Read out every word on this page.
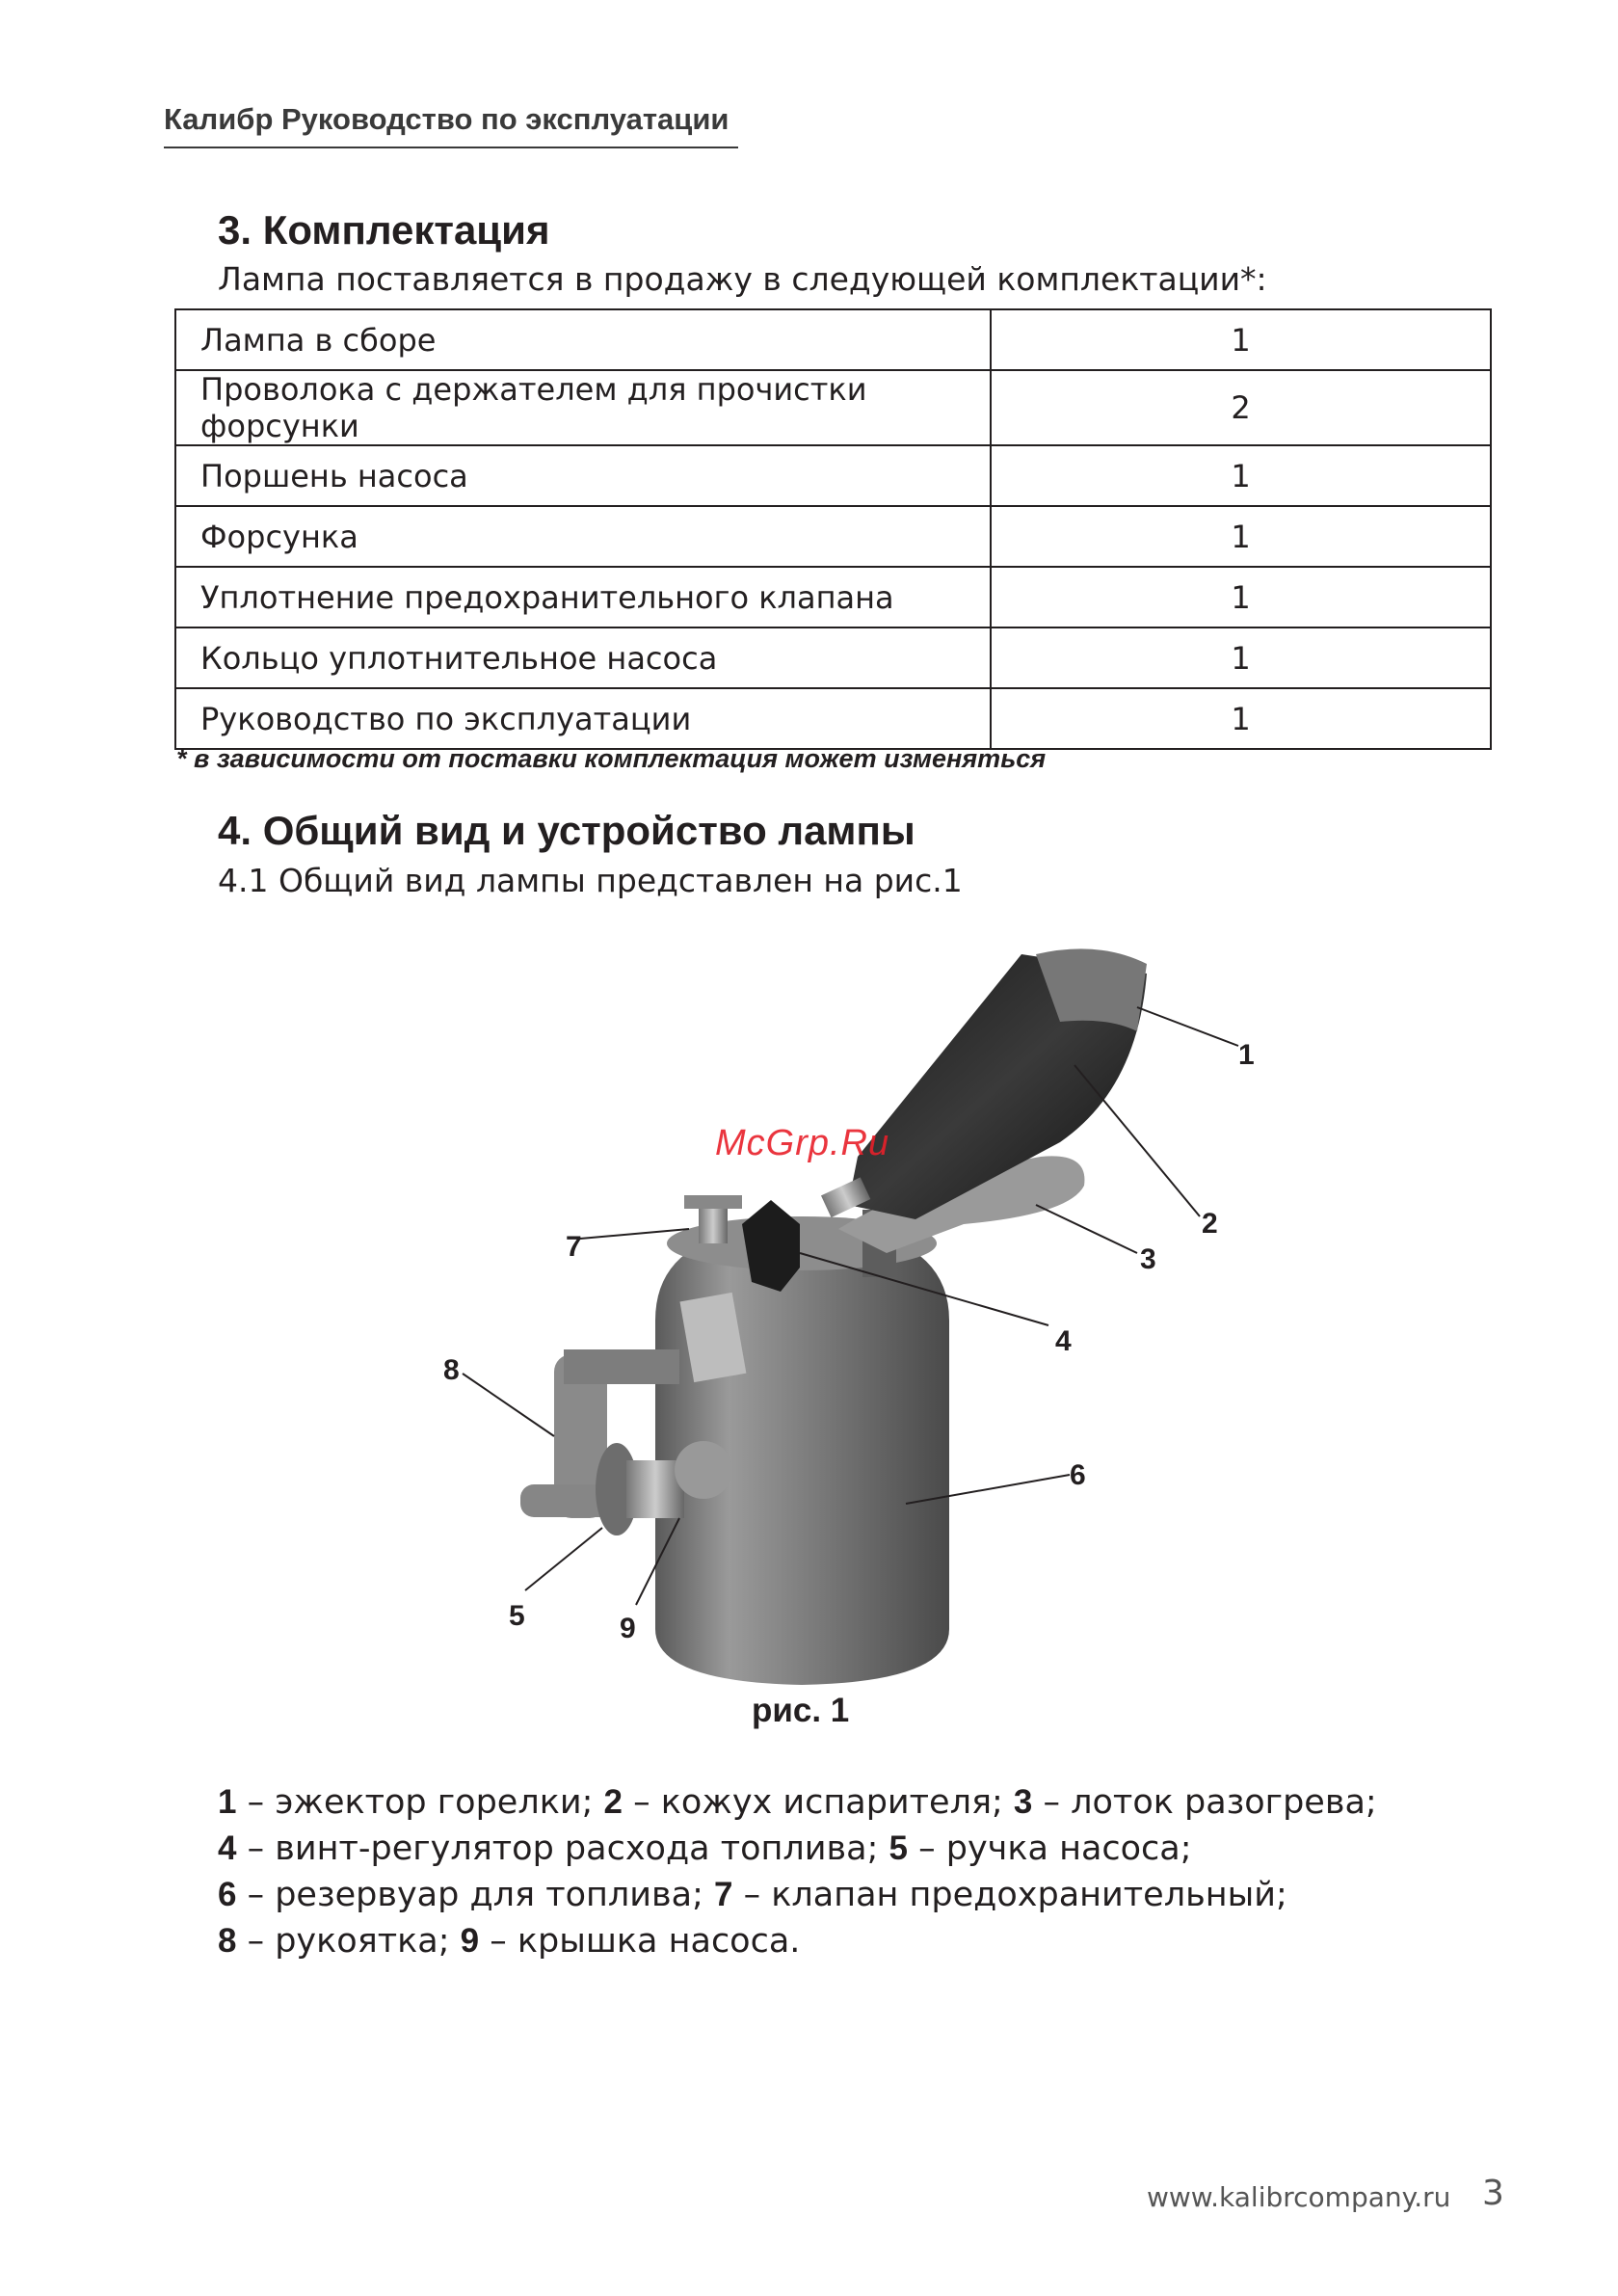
Калибр Руководство по эксплуатации
3. Комплектация
Лампа поставляется в продажу в следующей комплектации*:
Лампа в сборе	1
Проволока с держателем для прочистки форсунки	2
Поршень насоса	1
Форсунка	1
Уплотнение предохранительного клапана	1
Кольцо уплотнительное насоса	1
Руководство по эксплуатации	1
* в зависимости от поставки комплектация может изменяться
4. Общий вид и устройство лампы
4.1 Общий вид лампы представлен на рис.1
McGrp.Ru
1
2
3
4
5
6
7
8
9
рис. 1
1 – эжектор горелки; 2 – кожух испарителя; 3 – лоток разогрева;
4 – винт-регулятор расхода топлива; 5 – ручка насоса;
6 – резервуар для топлива; 7 – клапан предохранительный;
8 – рукоятка; 9 – крышка насоса.
www.kalibrcompany.ru 3
